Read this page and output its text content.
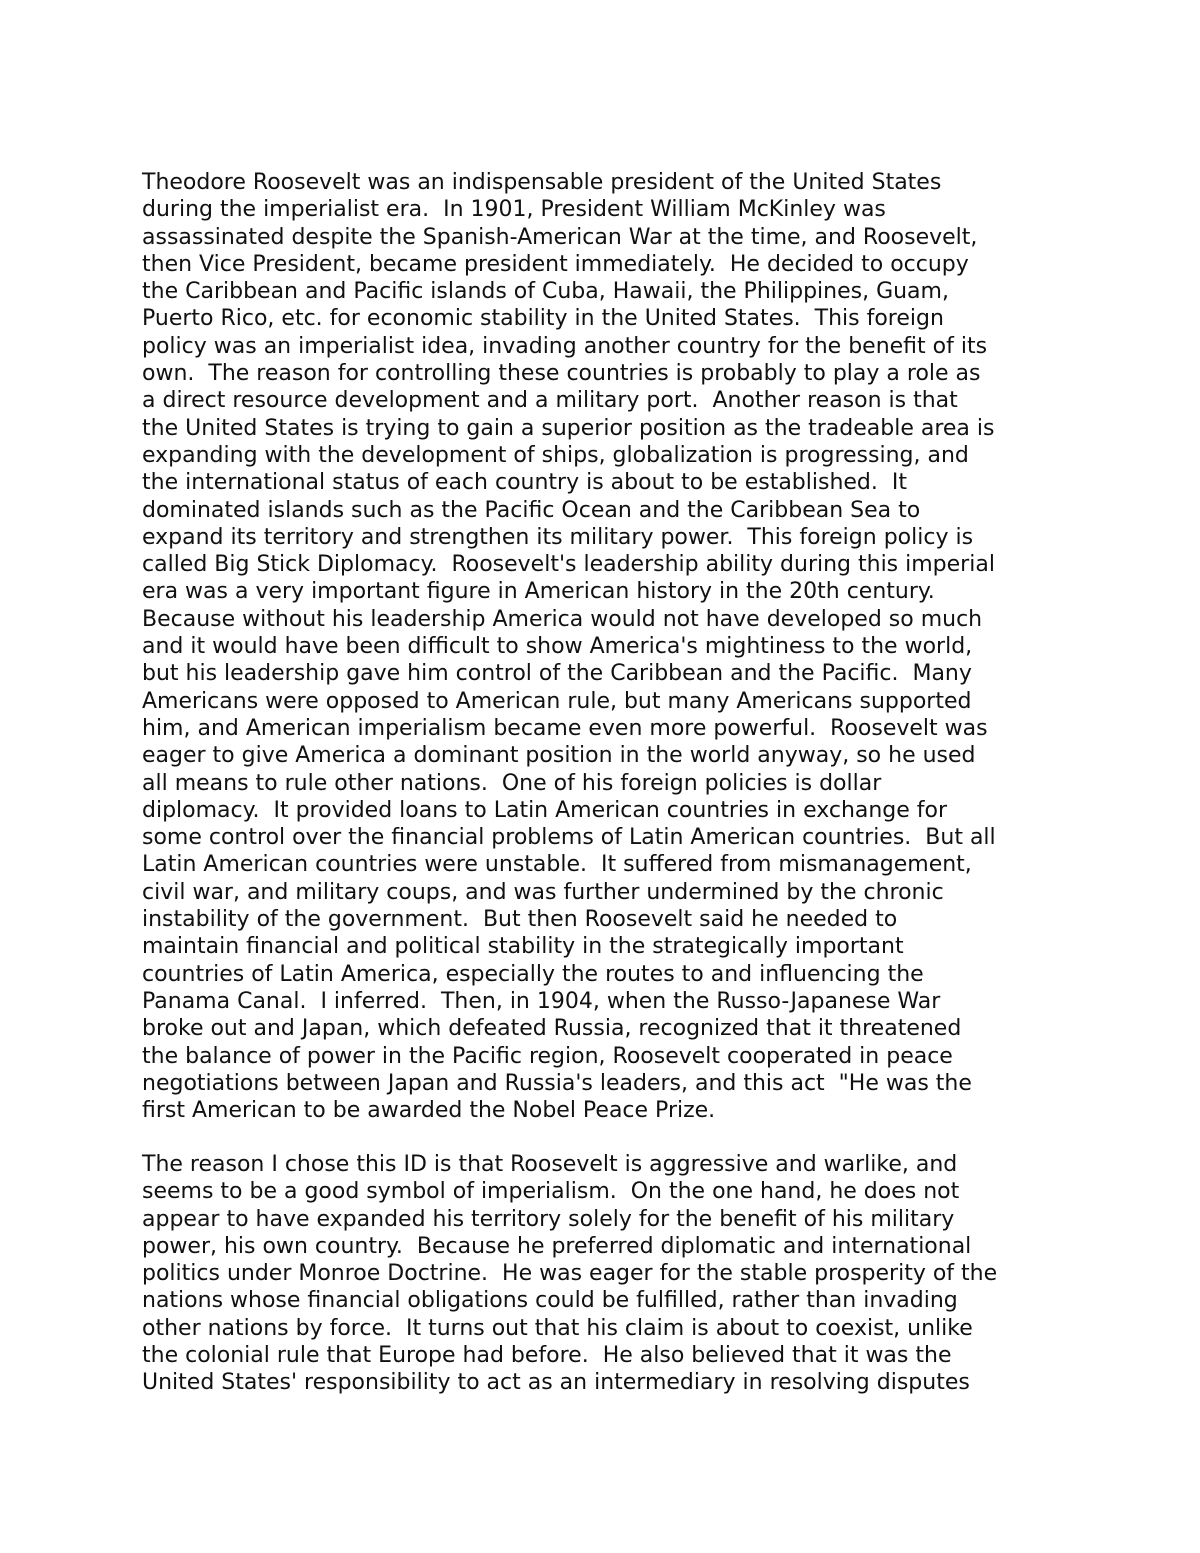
Theodore Roosevelt was an indispensable president of the United States
during the imperialist era.  In 1901, President William McKinley was
assassinated despite the Spanish-American War at the time, and Roosevelt,
then Vice President, became president immediately.  He decided to occupy
the Caribbean and Pacific islands of Cuba, Hawaii, the Philippines, Guam,
Puerto Rico, etc. for economic stability in the United States.  This foreign
policy was an imperialist idea, invading another country for the benefit of its
own.  The reason for controlling these countries is probably to play a role as
a direct resource development and a military port.  Another reason is that
the United States is trying to gain a superior position as the tradeable area is
expanding with the development of ships, globalization is progressing, and
the international status of each country is about to be established.  It
dominated islands such as the Pacific Ocean and the Caribbean Sea to
expand its territory and strengthen its military power.  This foreign policy is
called Big Stick Diplomacy.  Roosevelt's leadership ability during this imperial
era was a very important figure in American history in the 20th century.
Because without his leadership America would not have developed so much
and it would have been difficult to show America's mightiness to the world,
but his leadership gave him control of the Caribbean and the Pacific.  Many
Americans were opposed to American rule, but many Americans supported
him, and American imperialism became even more powerful.  Roosevelt was
eager to give America a dominant position in the world anyway, so he used
all means to rule other nations.  One of his foreign policies is dollar
diplomacy.  It provided loans to Latin American countries in exchange for
some control over the financial problems of Latin American countries.  But all
Latin American countries were unstable.  It suffered from mismanagement,
civil war, and military coups, and was further undermined by the chronic
instability of the government.  But then Roosevelt said he needed to
maintain financial and political stability in the strategically important
countries of Latin America, especially the routes to and influencing the
Panama Canal.  I inferred.  Then, in 1904, when the Russo-Japanese War
broke out and Japan, which defeated Russia, recognized that it threatened
the balance of power in the Pacific region, Roosevelt cooperated in peace
negotiations between Japan and Russia's leaders, and this act  "He was the
first American to be awarded the Nobel Peace Prize.
The reason I chose this ID is that Roosevelt is aggressive and warlike, and
seems to be a good symbol of imperialism.  On the one hand, he does not
appear to have expanded his territory solely for the benefit of his military
power, his own country.  Because he preferred diplomatic and international
politics under Monroe Doctrine.  He was eager for the stable prosperity of the
nations whose financial obligations could be fulfilled, rather than invading
other nations by force.  It turns out that his claim is about to coexist, unlike
the colonial rule that Europe had before.  He also believed that it was the
United States' responsibility to act as an intermediary in resolving disputes
